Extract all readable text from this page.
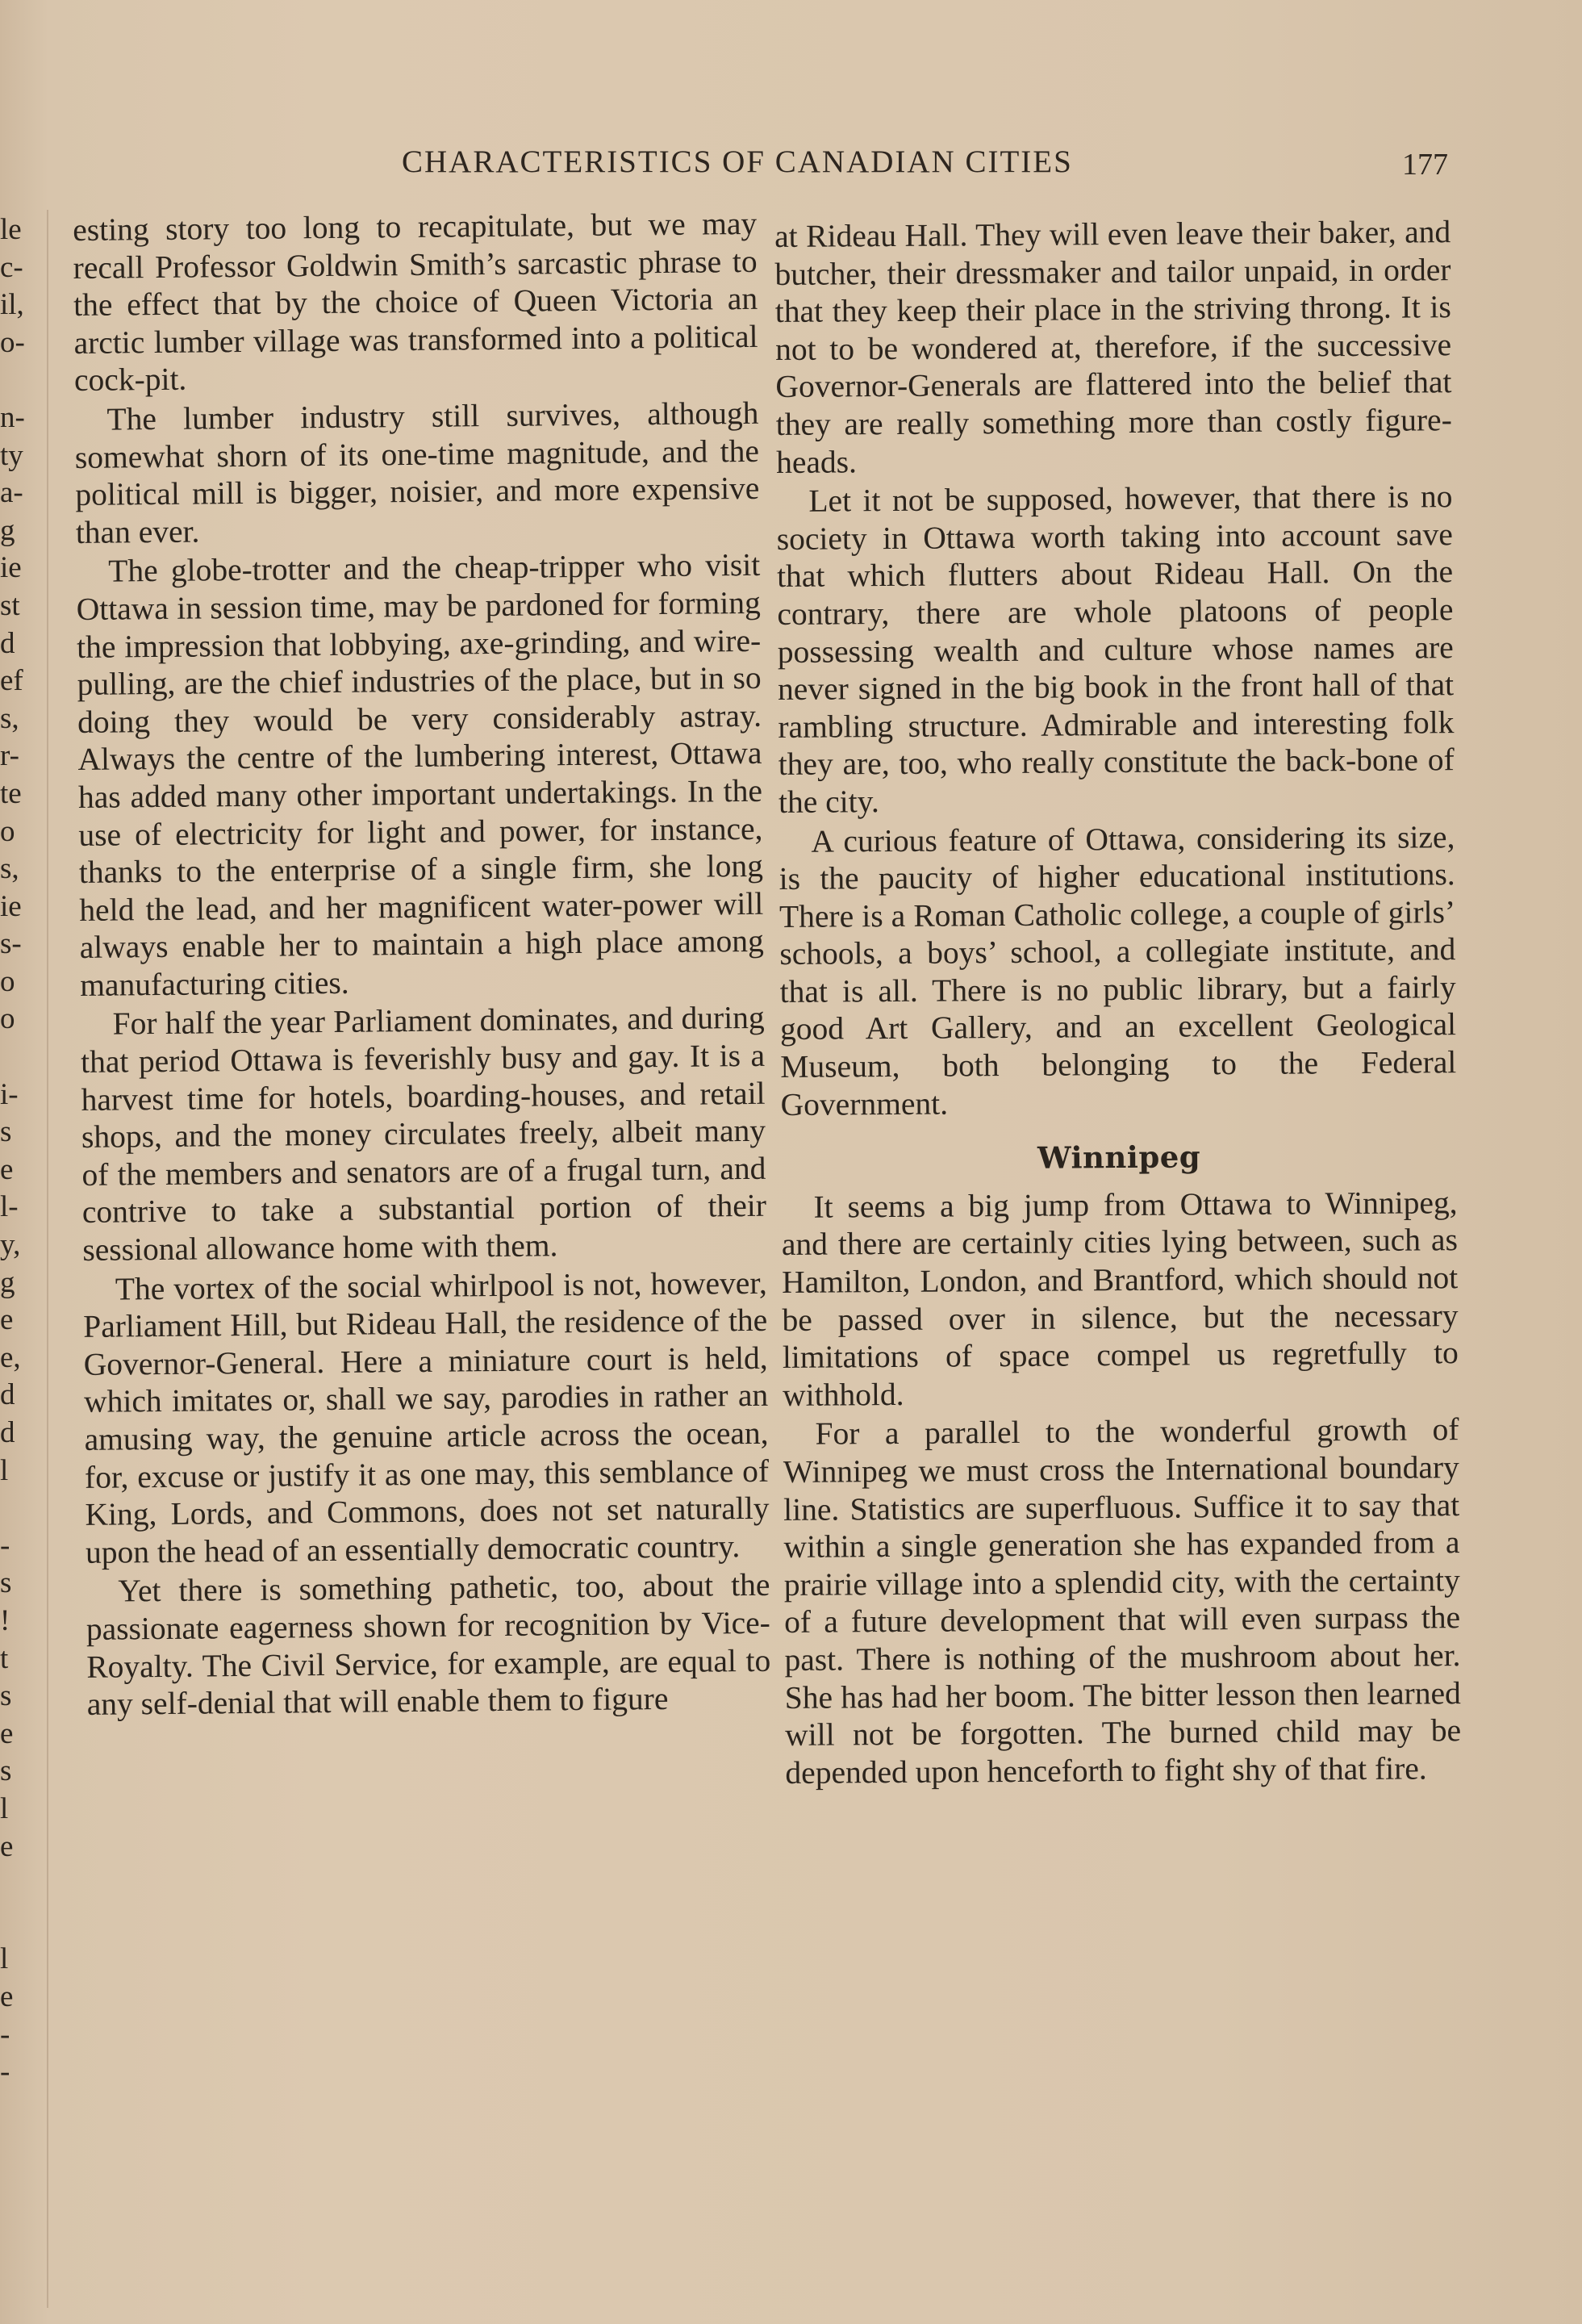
CHARACTERISTICS OF CANADIAN CITIES	177
le
c-
il,
o-
n-
ty
a-
g
ie
st
d
ef
s,
r-
te
o
s,
ie
s-
o
o
i-
s
e
l-
y,
g
e
e,
d
d
l
-
s
!
t
s
e
s
l
e
l
e
-
-

esting story too long to recapitulate, but we may recall Professor Goldwin Smith’s sarcastic phrase to the effect that by the choice of Queen Victoria an arctic lumber village was transformed into a political cock-pit.

The lumber industry still survives, although somewhat shorn of its one-time magnitude, and the political mill is bigger, noisier, and more expensive than ever.

The globe-trotter and the cheap-tripper who visit Ottawa in session time, may be pardoned for forming the impression that lobbying, axe-grinding, and wire-pulling, are the chief industries of the place, but in so doing they would be very considerably astray. Always the centre of the lumbering interest, Ottawa has added many other important undertakings. In the use of electricity for light and power, for instance, thanks to the enterprise of a single firm, she long held the lead, and her magnificent water-power will always enable her to maintain a high place among manufacturing cities.

For half the year Parliament dominates, and during that period Ottawa is feverishly busy and gay. It is a harvest time for hotels, boarding-houses, and retail shops, and the money circulates freely, albeit many of the members and senators are of a frugal turn, and contrive to take a substantial portion of their sessional allowance home with them.

The vortex of the social whirlpool is not, however, Parliament Hill, but Rideau Hall, the residence of the Governor-General. Here a miniature court is held, which imitates or, shall we say, parodies in rather an amusing way, the genuine article across the ocean, for, excuse or justify it as one may, this semblance of King, Lords, and Commons, does not set naturally upon the head of an essentially democratic country.

Yet there is something pathetic, too, about the passionate eagerness shown for recognition by Vice-Royalty. The Civil Service, for example, are equal to any self-denial that will enable them to figure

at Rideau Hall. They will even leave their baker, and butcher, their dressmaker and tailor unpaid, in order that they keep their place in the striving throng. It is not to be wondered at, therefore, if the successive Governor-Generals are flattered into the belief that they are really something more than costly figure-heads.

Let it not be supposed, however, that there is no society in Ottawa worth taking into account save that which flutters about Rideau Hall. On the contrary, there are whole platoons of people possessing wealth and culture whose names are never signed in the big book in the front hall of that rambling structure. Admirable and interesting folk they are, too, who really constitute the back-bone of the city.

A curious feature of Ottawa, considering its size, is the paucity of higher educational institutions. There is a Roman Catholic college, a couple of girls’ schools, a boys’ school, a collegiate institute, and that is all. There is no public library, but a fairly good Art Gallery, and an excellent Geological Museum, both belonging to the Federal Government.

Winnipeg

It seems a big jump from Ottawa to Winnipeg, and there are certainly cities lying between, such as Hamilton, London, and Brantford, which should not be passed over in silence, but the necessary limitations of space compel us regretfully to withhold.

For a parallel to the wonderful growth of Winnipeg we must cross the International boundary line. Statistics are superfluous. Suffice it to say that within a single generation she has expanded from a prairie village into a splendid city, with the certainty of a future development that will even surpass the past. There is nothing of the mushroom about her. She has had her boom. The bitter lesson then learned will not be forgotten. The burned child may be depended upon henceforth to fight shy of that fire.
